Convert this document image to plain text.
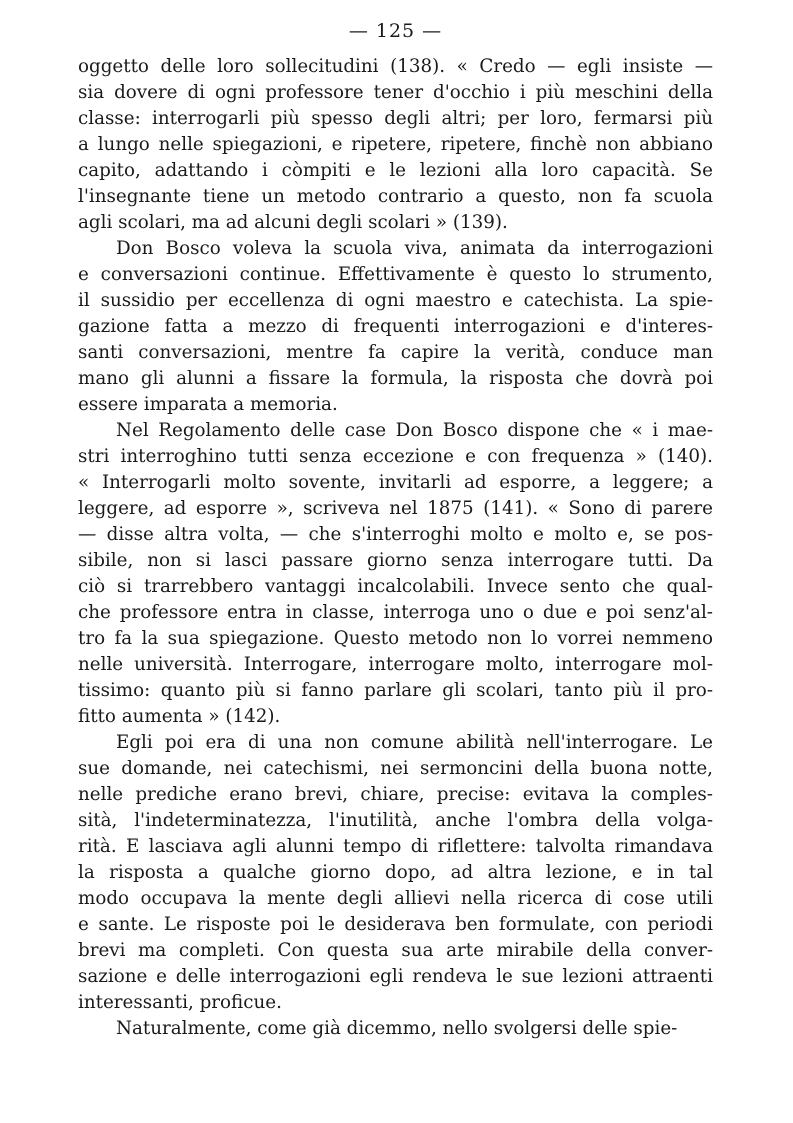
— 125 —
oggetto delle loro sollecitudini (138). « Credo — egli insiste —
sia dovere di ogni professore tener d'occhio i più meschini della
classe: interrogarli più spesso degli altri; per loro, fermarsi più
a lungo nelle spiegazioni, e ripetere, ripetere, finchè non abbiano
capito, adattando i còmpiti e le lezioni alla loro capacità. Se
l'insegnante tiene un metodo contrario a questo, non fa scuola
agli scolari, ma ad alcuni degli scolari » (139).
Don Bosco voleva la scuola viva, animata da interrogazioni
e conversazioni continue. Effettivamente è questo lo strumento,
il sussidio per eccellenza di ogni maestro e catechista. La spie-
gazione fatta a mezzo di frequenti interrogazioni e d'interes-
santi conversazioni, mentre fa capire la verità, conduce man
mano gli alunni a fissare la formula, la risposta che dovrà poi
essere imparata a memoria.
Nel Regolamento delle case Don Bosco dispone che « i mae-
stri interroghino tutti senza eccezione e con frequenza » (140).
« Interrogarli molto sovente, invitarli ad esporre, a leggere; a
leggere, ad esporre », scriveva nel 1875 (141). « Sono di parere
— disse altra volta, — che s'interroghi molto e molto e, se pos-
sibile, non si lasci passare giorno senza interrogare tutti. Da
ciò si trarrebbero vantaggi incalcolabili. Invece sento che qual-
che professore entra in classe, interroga uno o due e poi senz'al-
tro fa la sua spiegazione. Questo metodo non lo vorrei nemmeno
nelle università. Interrogare, interrogare molto, interrogare mol-
tissimo: quanto più si fanno parlare gli scolari, tanto più il pro-
fitto aumenta » (142).
Egli poi era di una non comune abilità nell'interrogare. Le
sue domande, nei catechismi, nei sermoncini della buona notte,
nelle prediche erano brevi, chiare, precise: evitava la comples-
sità, l'indeterminatezza, l'inutilità, anche l'ombra della volga-
rità. E lasciava agli alunni tempo di riflettere: talvolta rimandava
la risposta a qualche giorno dopo, ad altra lezione, e in tal
modo occupava la mente degli allievi nella ricerca di cose utili
e sante. Le risposte poi le desiderava ben formulate, con periodi
brevi ma completi. Con questa sua arte mirabile della conver-
sazione e delle interrogazioni egli rendeva le sue lezioni attraenti
interessanti, proficue.
Naturalmente, come già dicemmo, nello svolgersi delle spie-
